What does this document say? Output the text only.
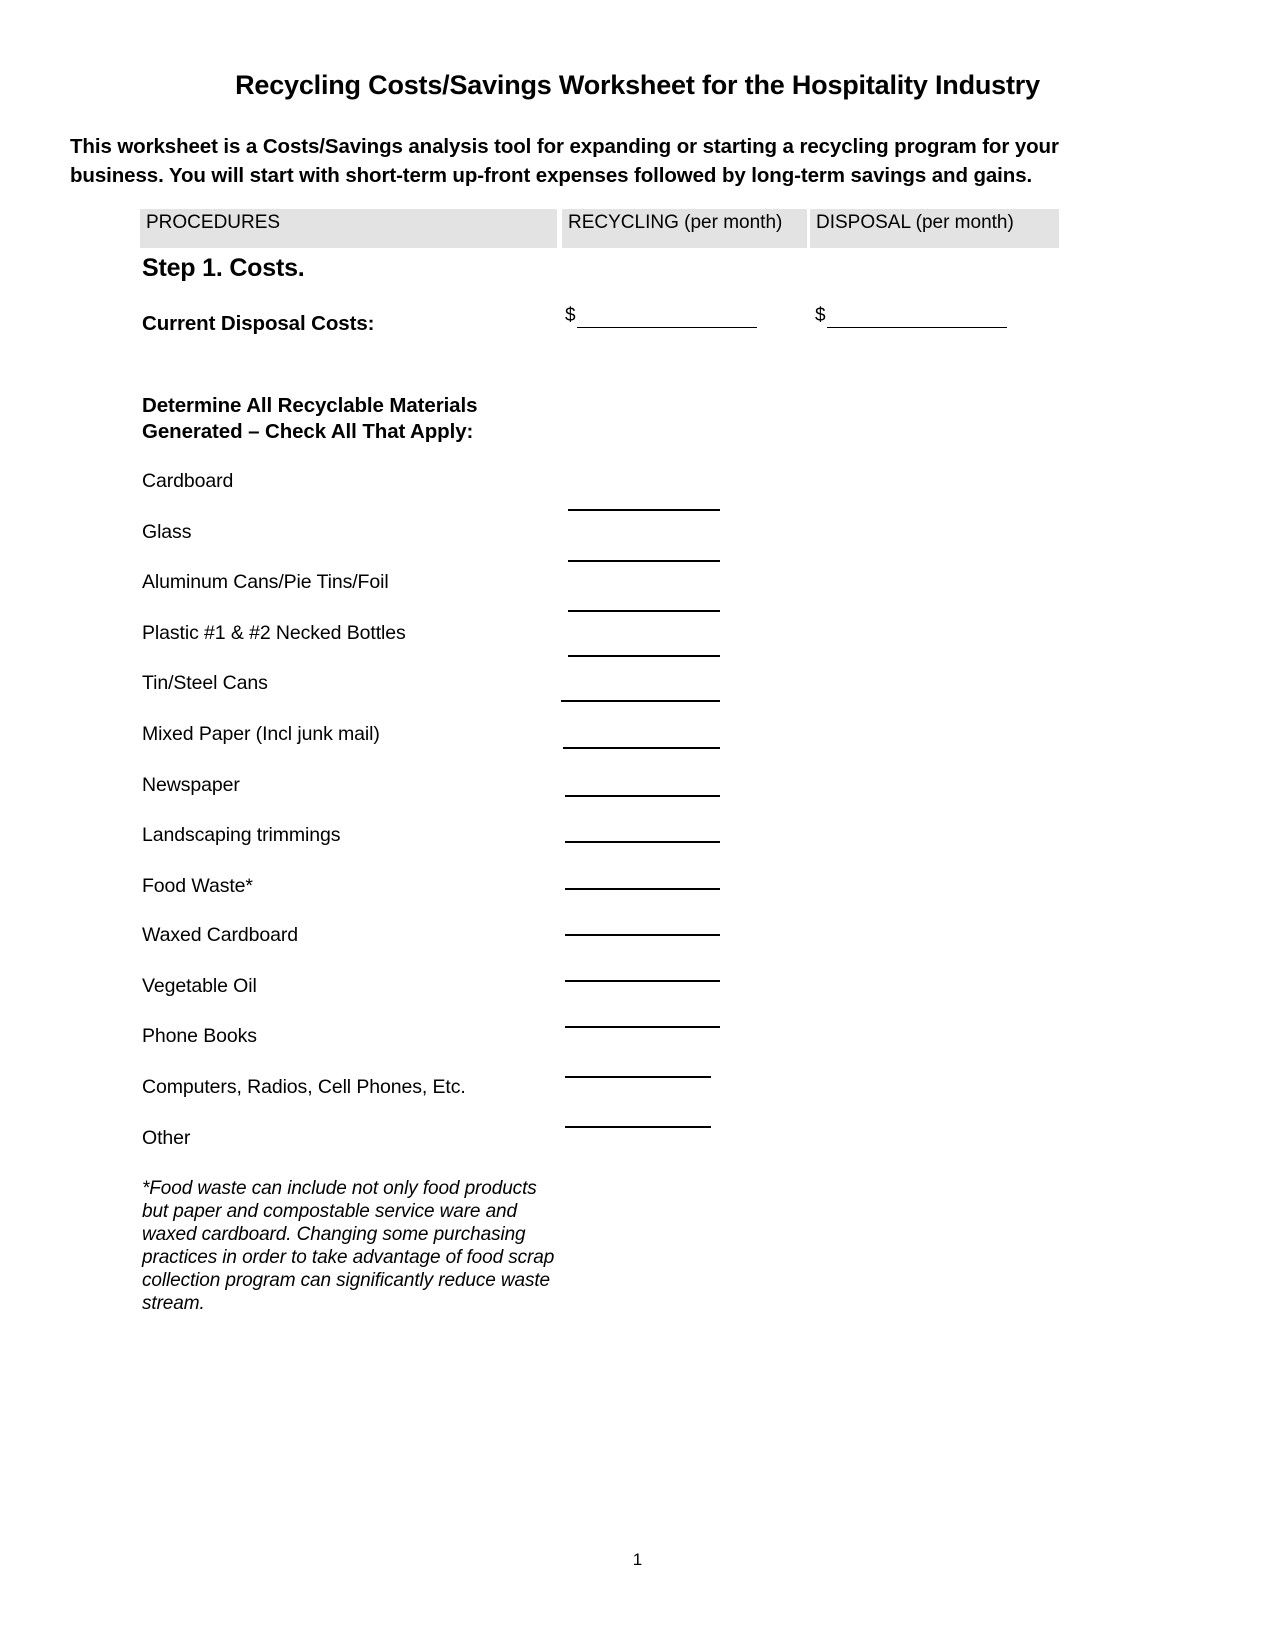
Recycling Costs/Savings Worksheet for the Hospitality Industry
This worksheet is a Costs/Savings analysis tool for expanding or starting a recycling program for your business. You will start with short-term up-front expenses followed by long-term savings and gains.
PROCEDURES	RECYCLING (per month)	DISPOSAL (per month)
Step 1. Costs.
Current Disposal Costs:	$	$
Determine All Recyclable Materials
Generated – Check All That Apply:
Cardboard
Glass
Aluminum Cans/Pie Tins/Foil
Plastic #1 & #2 Necked Bottles
Tin/Steel Cans
Mixed Paper (Incl junk mail)
Newspaper
Landscaping trimmings
Food Waste*
Waxed Cardboard
Vegetable Oil
Phone Books
Computers, Radios, Cell Phones, Etc.
Other
*Food waste can include not only food products but paper and compostable service ware and waxed cardboard. Changing some purchasing practices in order to take advantage of food scrap collection program can significantly reduce waste stream.
1
